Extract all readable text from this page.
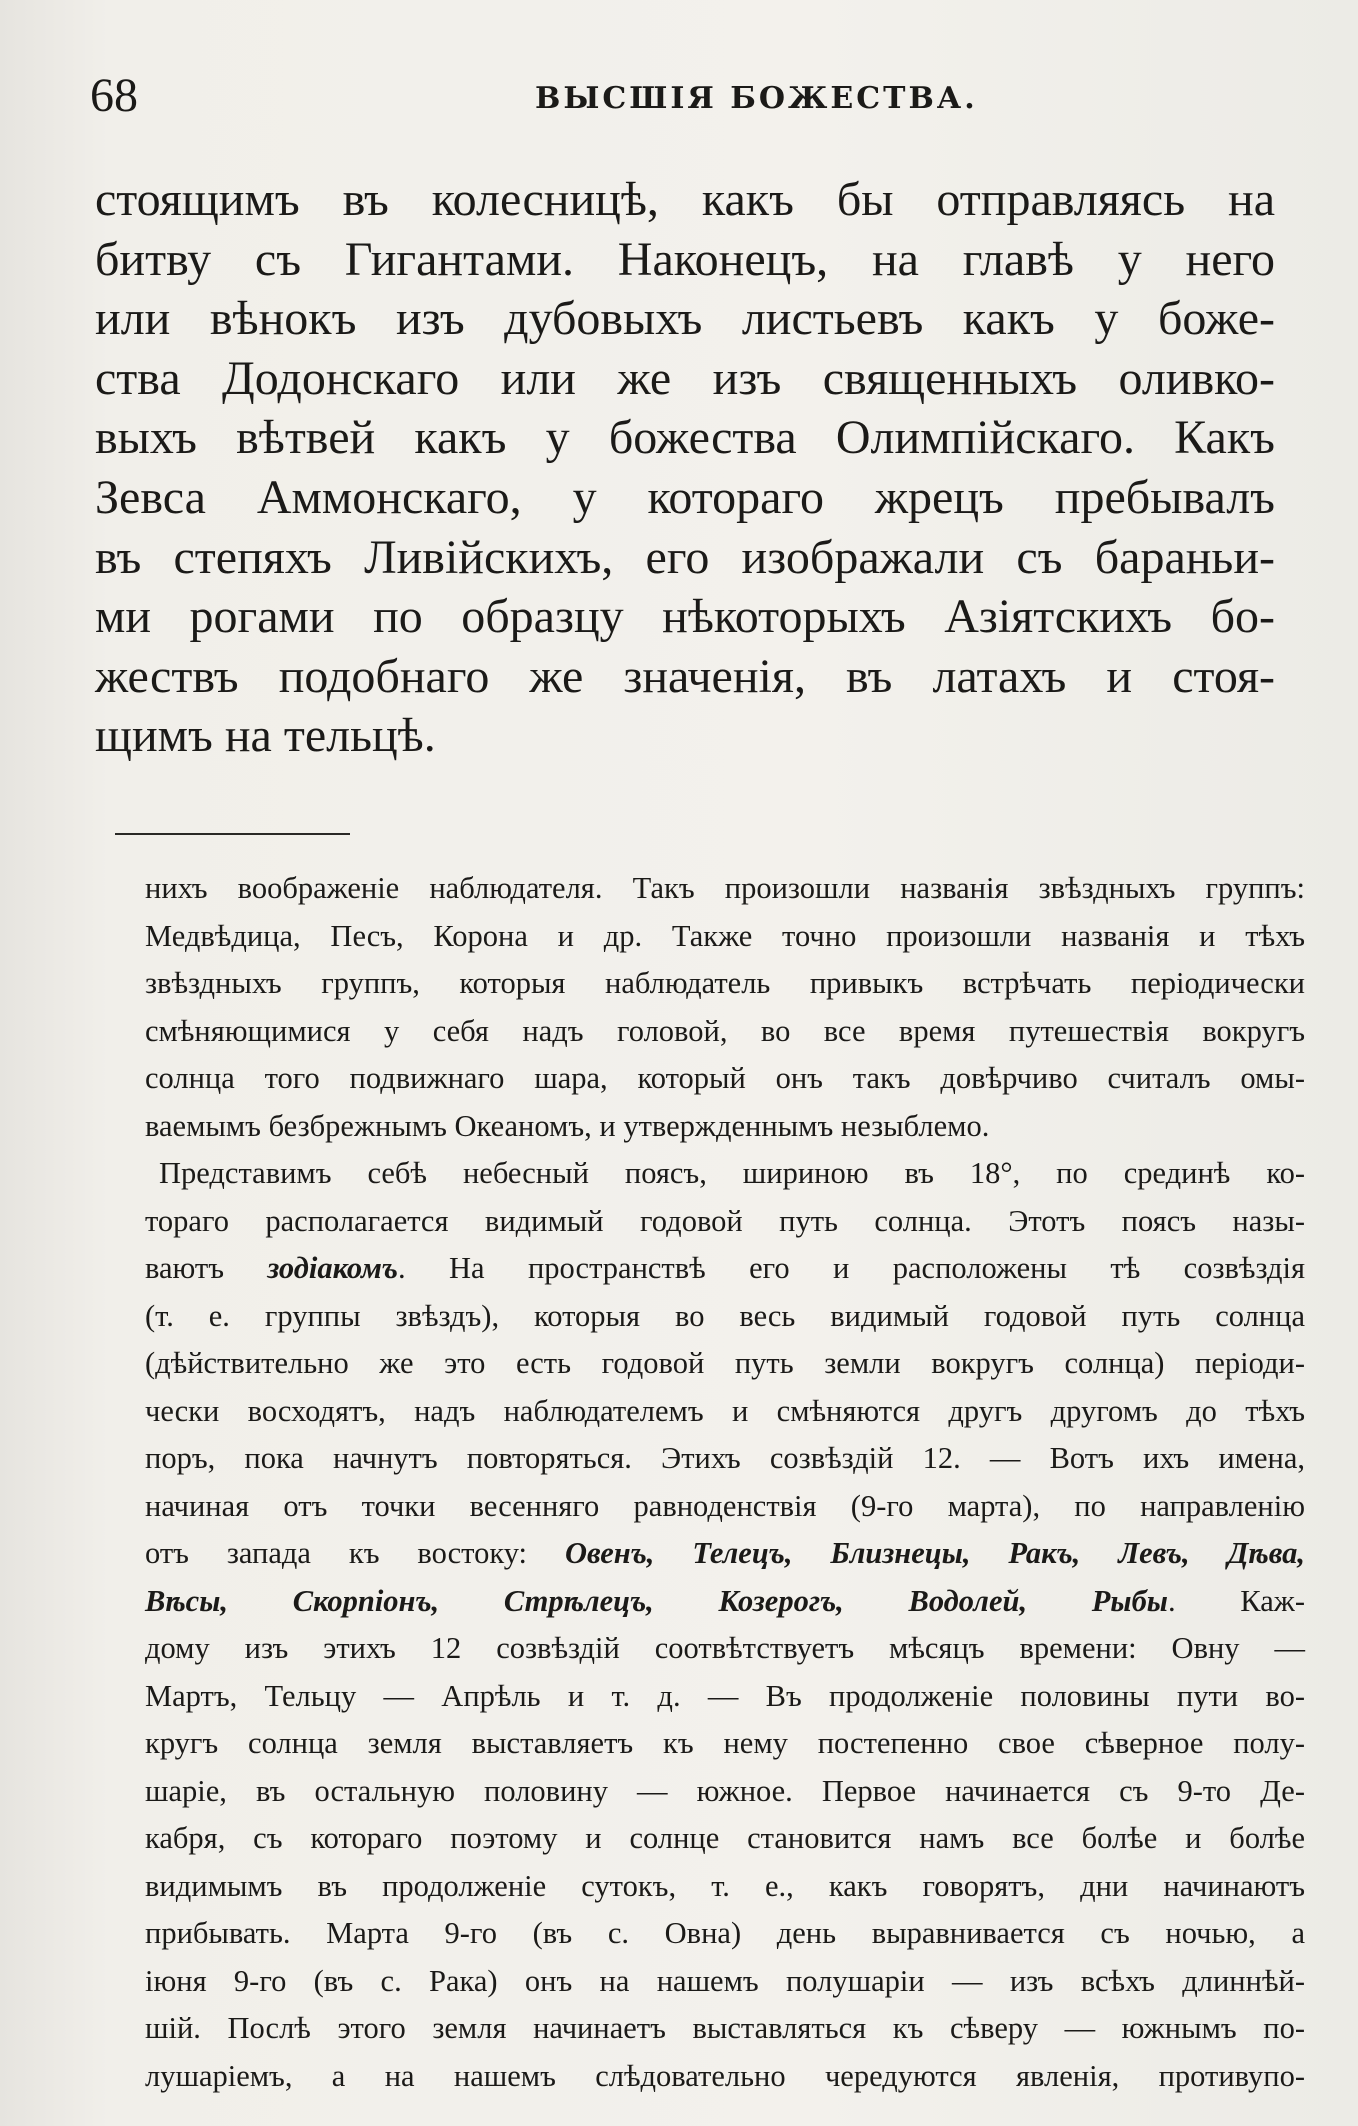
68	ВЫСШІЯ БОЖЕСТВА.
стоящимъ въ колесницѣ, какъ бы отправляясь на
битву съ Гигантами. Наконецъ, на главѣ у него
или вѣнокъ изъ дубовыхъ листьевъ какъ у боже-
ства Додонскаго или же изъ священныхъ оливко-
выхъ вѣтвей какъ у божества Олимпійскаго. Какъ
Зевса Аммонскаго, у котораго жрецъ пребывалъ
въ степяхъ Ливійскихъ, его изображали съ бараньи-
ми рогами по образцу нѣкоторыхъ Азіятскихъ бо-
жествъ подобнаго же значенія, въ латахъ и стоя-
щимъ на тельцѣ.
нихъ воображеніе наблюдателя. Такъ произошли названія звѣздныхъ группъ:
Медвѣдица, Песъ, Корона и др. Также точно произошли названія и тѣхъ
звѣздныхъ группъ, которыя наблюдатель привыкъ встрѣчать періодически
смѣняющимися у себя надъ головой, во все время путешествія вокругъ
солнца того подвижнаго шара, который онъ такъ довѣрчиво считалъ омы-
ваемымъ безбрежнымъ Океаномъ, и утвержденнымъ незыблемо.
Представимъ себѣ небесный поясъ, шириною въ 18°, по срединѣ ко-
тораго располагается видимый годовой путь солнца. Этотъ поясъ назы-
ваютъ зодіакомъ. На пространствѣ его и расположены тѣ созвѣздія
(т. е. группы звѣздъ), которыя во весь видимый годовой путь солнца
(дѣйствительно же это есть годовой путь земли вокругъ солнца) періоди-
чески восходятъ, надъ наблюдателемъ и смѣняются другъ другомъ до тѣхъ
поръ, пока начнутъ повторяться. Этихъ созвѣздій 12. — Вотъ ихъ имена,
начиная отъ точки весенняго равноденствія (9-го марта), по направленію
отъ запада къ востоку: Овенъ, Телецъ, Близнецы, Ракъ, Левъ, Дѣва,
Вѣсы, Скорпіонъ, Стрѣлецъ, Козерогъ, Водолей, Рыбы. Каж-
дому изъ этихъ 12 созвѣздій соотвѣтствуетъ мѣсяцъ времени: Овну —
Мартъ, Тельцу — Апрѣль и т. д. — Въ продолженіе половины пути во-
кругъ солнца земля выставляетъ къ нему постепенно свое сѣверное полу-
шаріе, въ остальную половину — южное. Первое начинается съ 9-то Де-
кабря, съ котораго поэтому и солнце становится намъ все болѣе и болѣе
видимымъ въ продолженіе сутокъ, т. е., какъ говорятъ, дни начинаютъ
прибывать. Марта 9-го (въ с. Овна) день выравнивается съ ночью, а
іюня 9-го (въ с. Рака) онъ на нашемъ полушаріи — изъ всѣхъ длиннѣй-
шій. Послѣ этого земля начинаетъ выставляться къ сѣверу — южнымъ по-
лушаріемъ, а на нашемъ слѣдовательно чередуются явленія, противупо-
